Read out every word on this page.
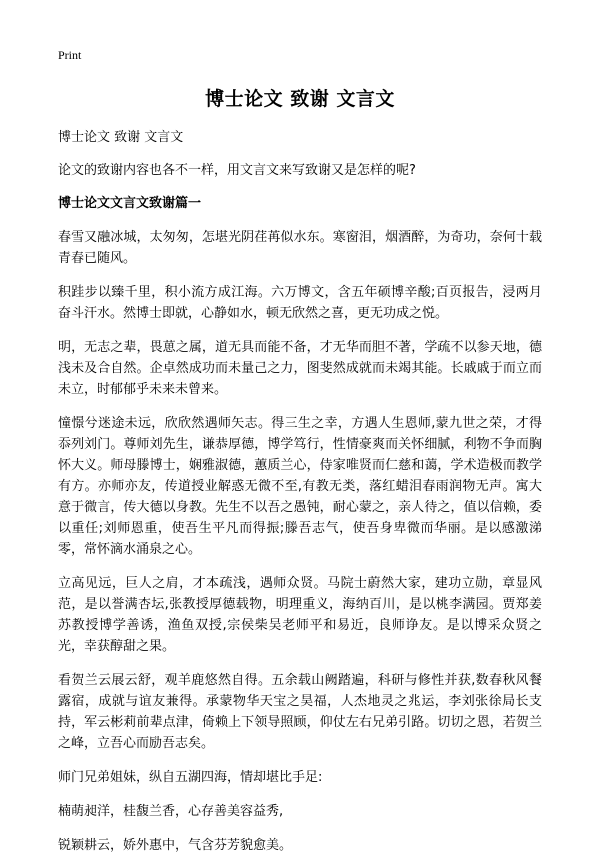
Print
博士论文 致谢 文言文

博士论文 致谢 文言文

论文的致谢内容也各不一样，用文言文来写致谢又是怎样的呢?

博士论文文言文致谢篇一

春雪又融冰城，太匆匆，怎堪光阴荏苒似水东。寒窗泪，烟酒醉，为奇功，奈何十载青春已随风。

积跬步以臻千里，积小流方成江海。六万博文，含五年硕博辛酸;百页报告，浸两月奋斗汗水。然博士即就，心静如水，顿无欣然之喜，更无功成之悦。

明，无志之辈，畏葸之属，道无具而能不备，才无华而胆不著，学疏不以参天地，德浅未及合自然。企卓然成功而未量己之力，图斐然成就而未竭其能。长戚戚于而立而未立，时郁郁乎未来未曾来。

憧憬兮迷途未远，欣欣然遇师矢志。得三生之幸，方遇人生恩师,蒙九世之荣，才得忝列刘门。尊师刘先生，谦恭厚德，博学笃行，性情豪爽而关怀细腻，利物不争而胸怀大义。师母滕博士，娴雅淑德，蕙质兰心，侍家唯贤而仁慈和蔼，学术造极而教学有方。亦师亦友，传道授业解惑无微不至,有教无类，落红蜡泪春雨润物无声。寓大意于微言，传大德以身教。先生不以吾之愚钝，耐心蒙之，亲人待之，值以信赖，委以重任;刘师恩重，使吾生平凡而得振;滕吾志气，使吾身卑微而华丽。是以感激涕零，常怀滴水涌泉之心。

立高见远，巨人之肩，才本疏浅，遇师众贤。马院士蔚然大家，建功立勋，章显风范，是以誉满杏坛,张教授厚德载物，明理重义，海纳百川，是以桃李满园。贾郑姜苏教授博学善诱，渔鱼双授,宗侯柴吴老师平和易近，良师诤友。是以博采众贤之光，幸获醇甜之果。

看贺兰云展云舒，观羊鹿悠然自得。五余载山阙踏遍，科研与修性并获,数春秋风餐露宿，成就与谊友兼得。承蒙物华天宝之昊福，人杰地灵之兆运，李刘张徐局长支持，军云彬莉前辈点津，倚赖上下领导照顾，仰仗左右兄弟引路。切切之恩，若贺兰之峰，立吾心而励吾志矣。

师门兄弟姐妹，纵自五湖四海，情却堪比手足:

楠萌昶洋，桂馥兰香，心存善美容益秀,

锐颖耕云，娇外惠中，气含芬芳貌愈美。
